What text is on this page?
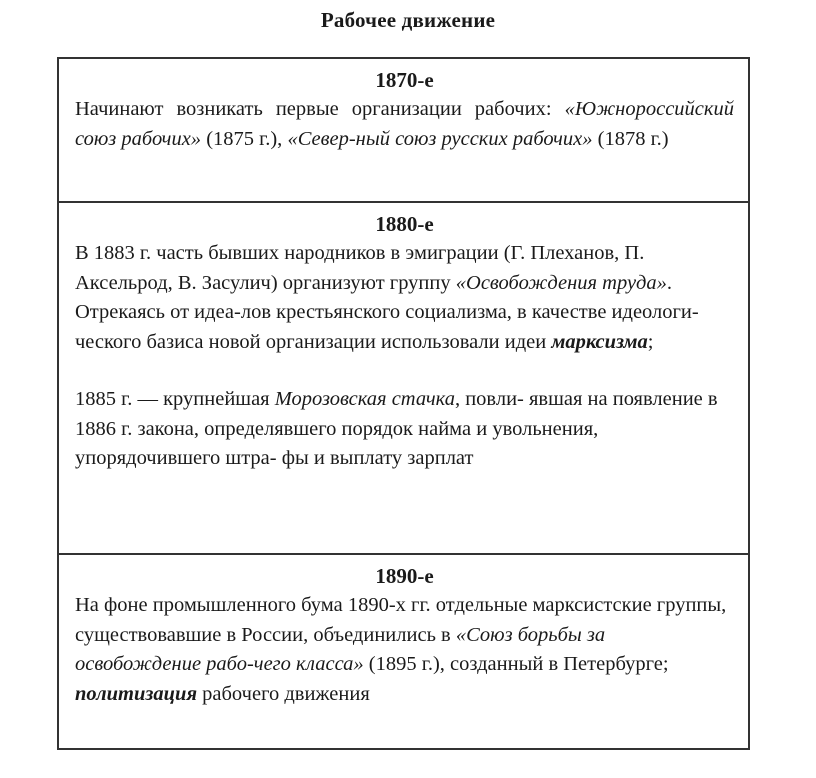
Рабочее движение
1870-е

Начинают возникать первые организации рабочих: «Южнороссийский союз рабочих» (1875 г.), «Север-ный союз русских рабочих» (1878 г.)

1880-е

В 1883 г. часть бывших народников в эмиграции (Г. Плеханов, П. Аксельрод, В. Засулич) организуют группу «Освобождения труда». Отрекаясь от идеа-лов крестьянского социализма, в качестве идеологи- ческого базиса новой организации использовали идеи марксизма;

1885 г. — крупнейшая Морозовская стачка, повли- явшая на появление в 1886 г. закона, определявшего порядок найма и увольнения, упорядочившего штра- фы и выплату зарплат

1890-е

На фоне промышленного бума 1890-х гг. отдельные марксистские группы, существовавшие в России, объединились в «Союз борьбы за освобождение рабо-чего класса» (1895 г.), созданный в Петербурге; политизация рабочего движения
